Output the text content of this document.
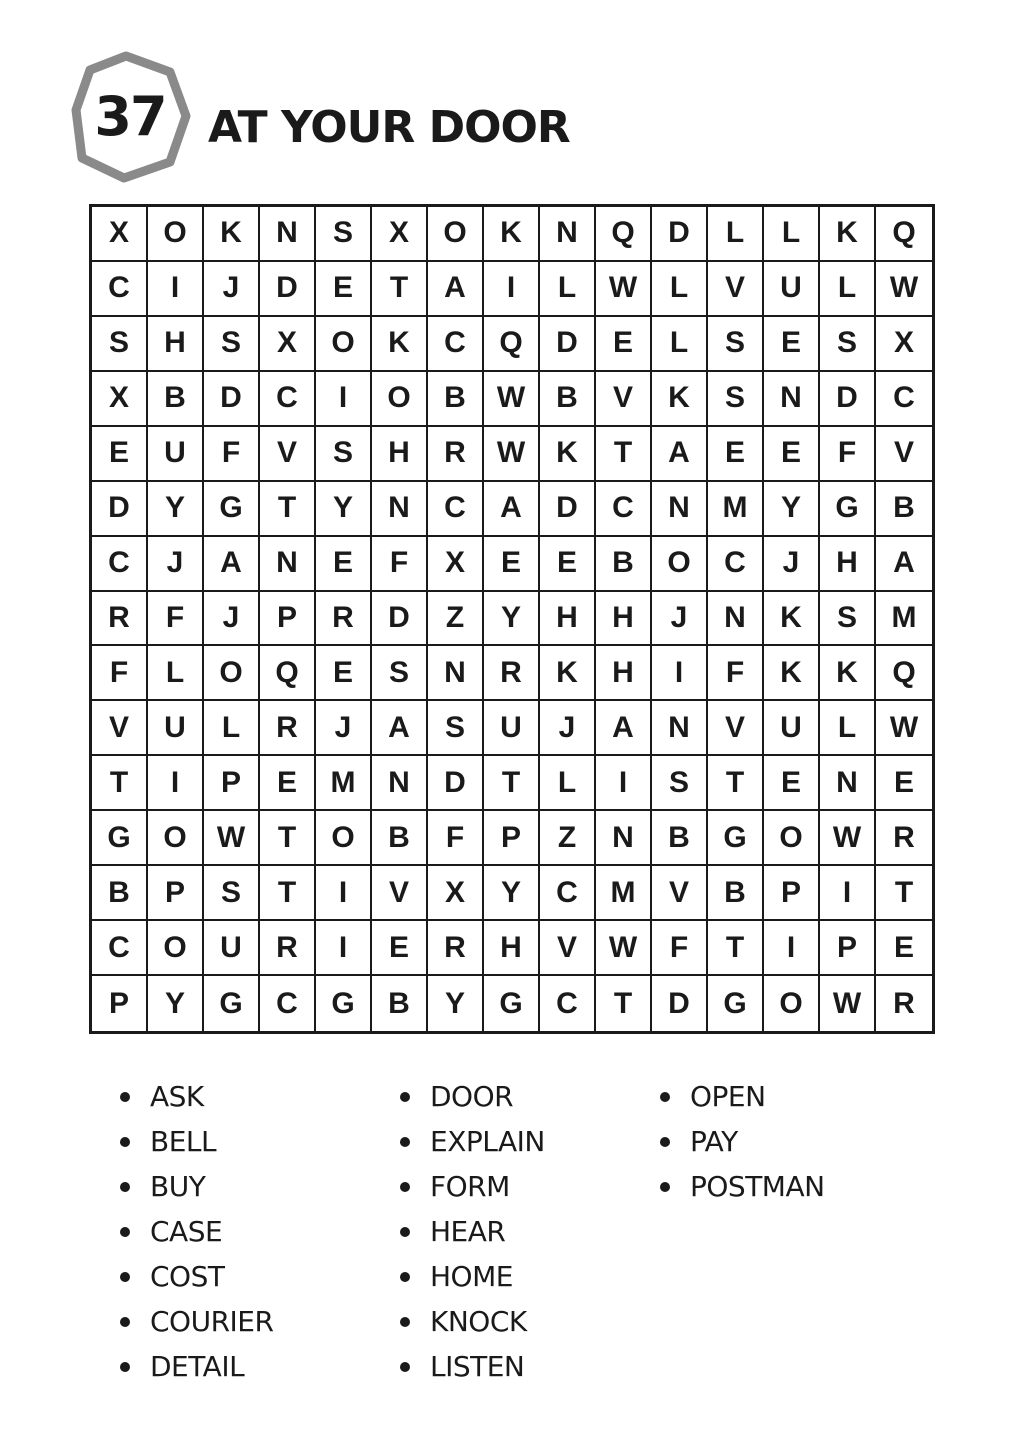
37 AT YOUR DOOR
X	O	K	N	S	X	O	K	N	Q	D	L	L	K	Q
C	I	J	D	E	T	A	I	L	W	L	V	U	L	W
S	H	S	X	O	K	C	Q	D	E	L	S	E	S	X
X	B	D	C	I	O	B	W	B	V	K	S	N	D	C
E	U	F	V	S	H	R	W	K	T	A	E	E	F	V
D	Y	G	T	Y	N	C	A	D	C	N	M	Y	G	B
C	J	A	N	E	F	X	E	E	B	O	C	J	H	A
R	F	J	P	R	D	Z	Y	H	H	J	N	K	S	M
F	L	O	Q	E	S	N	R	K	H	I	F	K	K	Q
V	U	L	R	J	A	S	U	J	A	N	V	U	L	W
T	I	P	E	M	N	D	T	L	I	S	T	E	N	E
G	O	W	T	O	B	F	P	Z	N	B	G	O	W	R
B	P	S	T	I	V	X	Y	C	M	V	B	P	I	T
C	O	U	R	I	E	R	H	V	W	F	T	I	P	E
P	Y	G	C	G	B	Y	G	C	T	D	G	O	W	R
ASK
BELL
BUY
CASE
COST
COURIER
DETAIL
DOOR
EXPLAIN
FORM
HEAR
HOME
KNOCK
LISTEN
OPEN
PAY
POSTMAN
